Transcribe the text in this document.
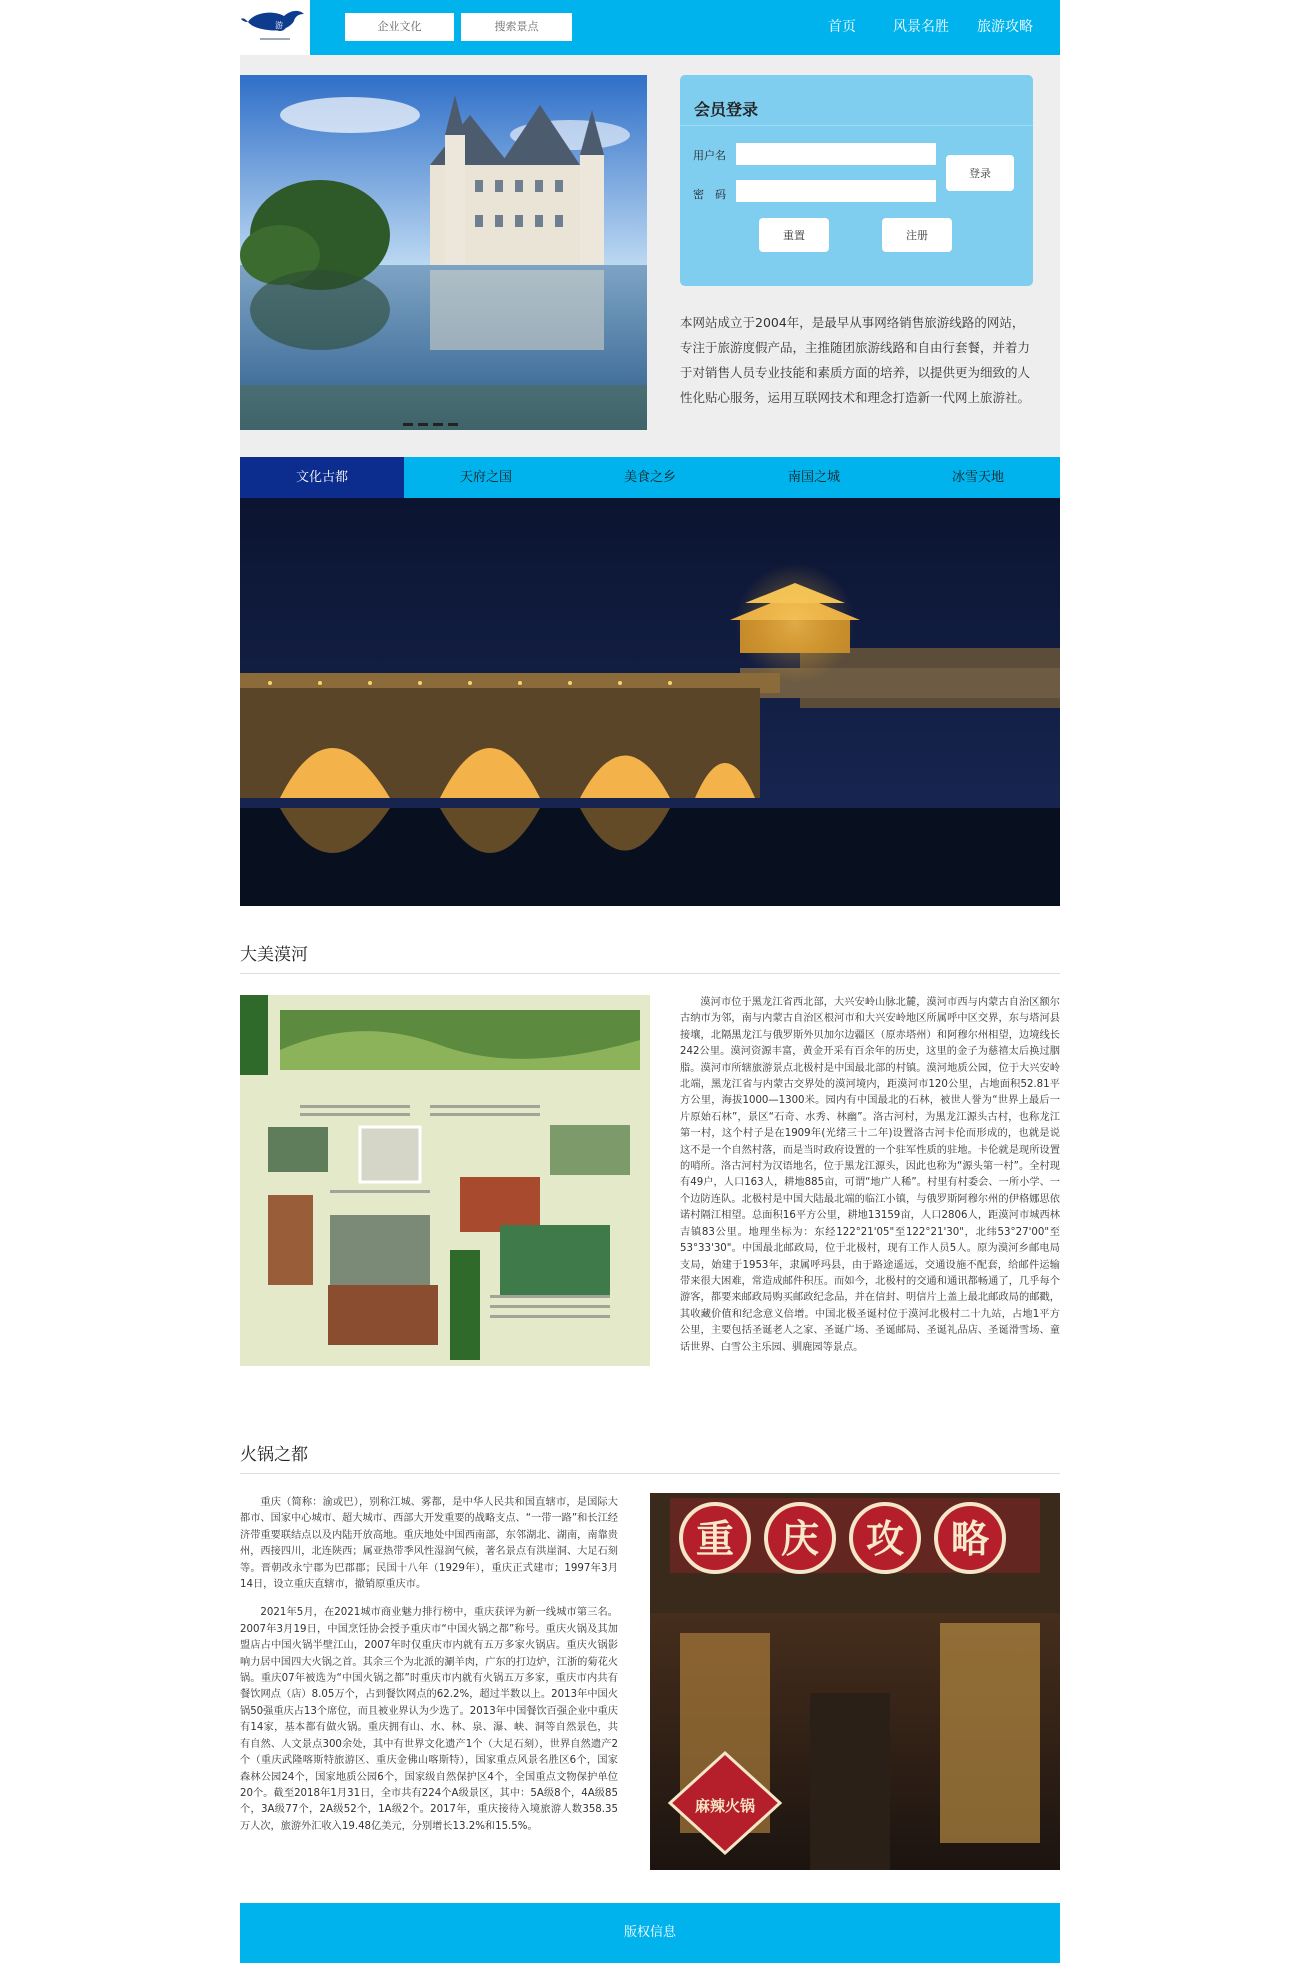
游	企业文化	搜索景点	首页	风景名胜 旅游攻略
会员登录
用户名
密　码
登录
重置	注册
本网站成立于2004年，是最早从事网络销售旅游线路的网站，专注于旅游度假产品，主推随团旅游线路和自由行套餐，并着力于对销售人员专业技能和素质方面的培养，以提供更为细致的人性化贴心服务，运用互联网技术和理念打造新一代网上旅游社。
文化古都	天府之国	美食之乡	南国之城	冰雪天地
大美漠河
漠河市位于黑龙江省西北部，大兴安岭山脉北麓，漠河市西与内蒙古自治区额尔古纳市为邻，南与内蒙古自治区根河市和大兴安岭地区所属呼中区交界，东与塔河县接壤，北隔黑龙江与俄罗斯外贝加尔边疆区（原赤塔州）和阿穆尔州相望，边境线长242公里。漠河资源丰富，黄金开采有百余年的历史，这里的金子为慈禧太后换过胭脂。漠河市所辖旅游景点北极村是中国最北部的村镇。漠河地质公园，位于大兴安岭北端，黑龙江省与内蒙古交界处的漠河境内，距漠河市120公里，占地面积52.81平方公里，海拔1000—1300米。园内有中国最北的石林，被世人誉为“世界上最后一片原始石林”，景区“石奇、水秀、林幽”。洛古河村，为黑龙江源头古村，也称龙江第一村，这个村子是在1909年(光绪三十二年)设置洛古河卡伦而形成的，也就是说这不是一个自然村落，而是当时政府设置的一个驻军性质的驻地。卡伦就是现所设置的哨所。洛古河村为汉语地名，位于黑龙江源头，因此也称为“源头第一村”。全村现有49户，人口163人，耕地885亩，可谓“地广人稀”。村里有村委会、一所小学、一个边防连队。北极村是中国大陆最北端的临江小镇，与俄罗斯阿穆尔州的伊格娜思依诺村隔江相望。总面积16平方公里，耕地13159亩，人口2806人，距漠河市城西林吉镇83公里。地理坐标为：东经122°21'05"至122°21'30"，北纬53°27'00"至53°33'30"。中国最北邮政局，位于北极村，现有工作人员5人。原为漠河乡邮电局支局，始建于1953年，隶属呼玛县，由于路途遥远，交通设施不配套，给邮件运输带来很大困难，常造成邮件积压。而如今，北极村的交通和通讯都畅通了，几乎每个游客，都要来邮政局购买邮政纪念品，并在信封、明信片上盖上最北邮政局的邮戳，其收藏价值和纪念意义倍增。中国北极圣诞村位于漠河北极村二十九站，占地1平方公里，主要包括圣诞老人之家、圣诞广场、圣诞邮局、圣诞礼品店、圣诞滑雪场、童话世界、白雪公主乐园、驯鹿园等景点。
火锅之都

重庆（简称：渝或巴），别称江城、雾都，是中华人民共和国直辖市，是国际大都市、国家中心城市、超大城市、西部大开发重要的战略支点、“一带一路”和长江经济带重要联结点以及内陆开放高地。重庆地处中国西南部，东邻湖北、湖南，南靠贵州，西接四川，北连陕西；属亚热带季风性湿润气候，著名景点有洪崖洞、大足石刻等。晋朝改永宁郡为巴郡郡；民国十八年（1929年），重庆正式建市；1997年3月14日，设立重庆直辖市，撤销原重庆市。

2021年5月，在2021城市商业魅力排行榜中，重庆获评为新一线城市第三名。2007年3月19日，中国烹饪协会授予重庆市“中国火锅之都”称号。重庆火锅及其加盟店占中国火锅半壁江山，2007年时仅重庆市内就有五万多家火锅店。重庆火锅影响力居中国四大火锅之首。其余三个为北派的涮羊肉，广东的打边炉，江浙的菊花火锅。重庆07年被选为“中国火锅之都”时重庆市内就有火锅五万多家，重庆市内共有餐饮网点（店）8.05万个，占到餐饮网点的62.2%，超过半数以上。2013年中国火锅50强重庆占13个席位，而且被业界认为少选了。2013年中国餐饮百强企业中重庆有14家，基本都有做火锅。重庆拥有山、水、林、泉、瀑、峡、洞等自然景色，共有自然、人文景点300余处，其中有世界文化遗产1个（大足石刻），世界自然遗产2个（重庆武隆喀斯特旅游区、重庆金佛山喀斯特），国家重点风景名胜区6个，国家森林公园24个，国家地质公园6个，国家级自然保护区4个，全国重点文物保护单位20个。截至2018年1月31日，全市共有224个A级景区，其中：5A级8个，4A级85个，3A级77个，2A级52个，1A级2个。2017年，重庆接待入境旅游人数358.35万人次，旅游外汇收入19.48亿美元，分别增长13.2%和15.5%。

重 庆 攻 略
麻辣火锅
版权信息
